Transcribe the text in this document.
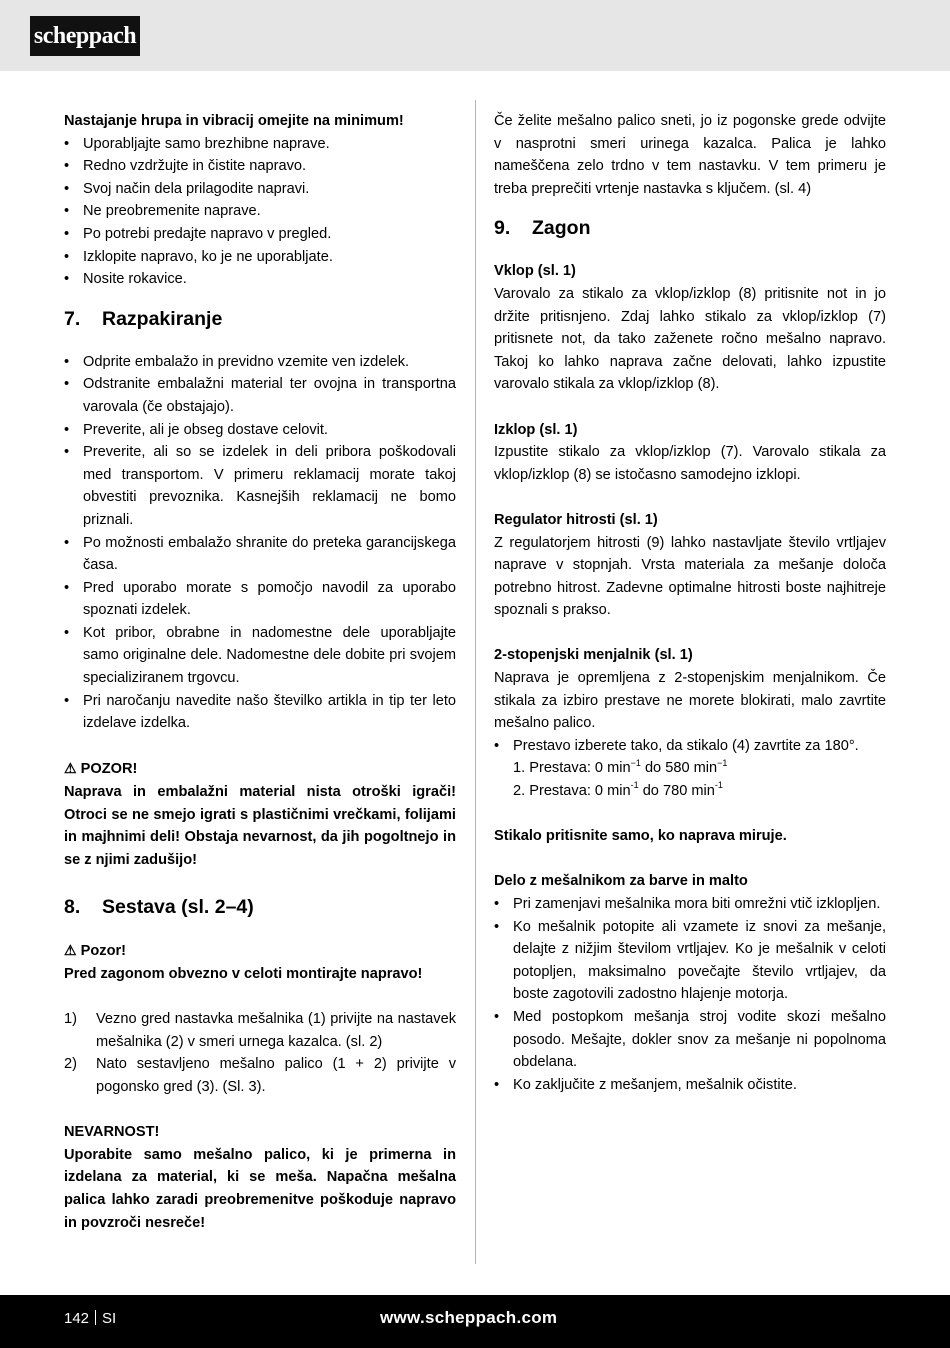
scheppach
Nastajanje hrupa in vibracij omejite na minimum!
• Uporabljajte samo brezhibne naprave.
• Redno vzdržujte in čistite napravo.
• Svoj način dela prilagodite napravi.
• Ne preobremenite naprave.
• Po potrebi predajte napravo v pregled.
• Izklopite napravo, ko je ne uporabljate.
• Nosite rokavice.
7. Razpakiranje
• Odprite embalažo in previdno vzemite ven izdelek.
• Odstranite embalažni material ter ovojna in transportna varovala (če obstajajo).
• Preverite, ali je obseg dostave celovit.
• Preverite, ali so se izdelek in deli pribora poškodovali med transportom. V primeru reklamacij morate takoj obvestiti prevoznika. Kasnejših reklamacij ne bomo priznali.
• Po možnosti embalažo shranite do preteka garancijskega časa.
• Pred uporabo morate s pomočjo navodil za uporabo spoznati izdelek.
• Kot pribor, obrabne in nadomestne dele uporabljajte samo originalne dele. Nadomestne dele dobite pri svojem specializiranem trgovcu.
• Pri naročanju navedite našo številko artikla in tip ter leto izdelave izdelka.
⚠ POZOR!
Naprava in embalažni material nista otroški igrači! Otroci se ne smejo igrati s plastičnimi vrečkami, folijami in majhnimi deli! Obstaja nevarnost, da jih pogoltnejo in se z njimi zadušijo!
8. Sestava (sl. 2–4)
⚠ Pozor!
Pred zagonom obvezno v celoti montirajte napravo!
1) Vezno gred nastavka mešalnika (1) privijte na nastavek mešalnika (2) v smeri urnega kazalca. (sl. 2)
2) Nato sestavljeno mešalno palico (1 + 2) privijte v pogonsko gred (3). (Sl. 3).
NEVARNOST!
Uporabite samo mešalno palico, ki je primerna in izdelana za material, ki se meša. Napačna mešalna palica lahko zaradi preobremenitve poškoduje napravo in povzroči nesreče!
Če želite mešalno palico sneti, jo iz pogonske grede odvijte v nasprotni smeri urinega kazalca. Palica je lahko nameščena zelo trdno v tem nastavku. V tem primeru je treba preprečiti vrtenje nastavka s ključem. (sl. 4)
9. Zagon
Vklop (sl. 1)
Varovalo za stikalo za vklop/izklop (8) pritisnite not in jo držite pritisnjeno. Zdaj lahko stikalo za vklop/izklop (7) pritisnete not, da tako zaženete ročno mešalno napravo. Takoj ko lahko naprava začne delovati, lahko izpustite varovalo stikala za vklop/izklop (8).
Izklop (sl. 1)
Izpustite stikalo za vklop/izklop (7). Varovalo stikala za vklop/izklop (8) se istočasno samodejno izklopi.
Regulator hitrosti (sl. 1)
Z regulatorjem hitrosti (9) lahko nastavljate število vrtljajev naprave v stopnjah. Vrsta materiala za mešanje določa potrebno hitrost. Zadevne optimalne hitrosti boste najhitreje spoznali s prakso.
2-stopenjski menjalnik (sl. 1)
Naprava je opremljena z 2-stopenjskim menjalnikom. Če stikala za izbiro prestave ne morete blokirati, malo zavrtite mešalno palico.
• Prestavo izberete tako, da stikalo (4) zavrtite za 180°.
1. Prestava: 0 $\min^{-1}$ do 580 $\min^{-1}$
2. Prestava: 0 $\min^{-1}$ do 780 $\min^{-1}$
Stikalo pritisnite samo, ko naprava miruje.
Delo z mešalnikom za barve in malto
• Pri zamenjavi mešalnika mora biti omrežni vtič izklopljen.
• Ko mešalnik potopite ali vzamete iz snovi za mešanje, delajte z nižjim številom vrtljajev. Ko je mešalnik v celoti potopljen, maksimalno povečajte število vrtljajev, da boste zagotovili zadostno hlajenje motorja.
• Med postopkom mešanja stroj vodite skozi mešalno posodo. Mešajte, dokler snov za mešanje ni popolnoma obdelana.
• Ko zaključite z mešanjem, mešalnik očistite.
142 SI	www.scheppach.com
